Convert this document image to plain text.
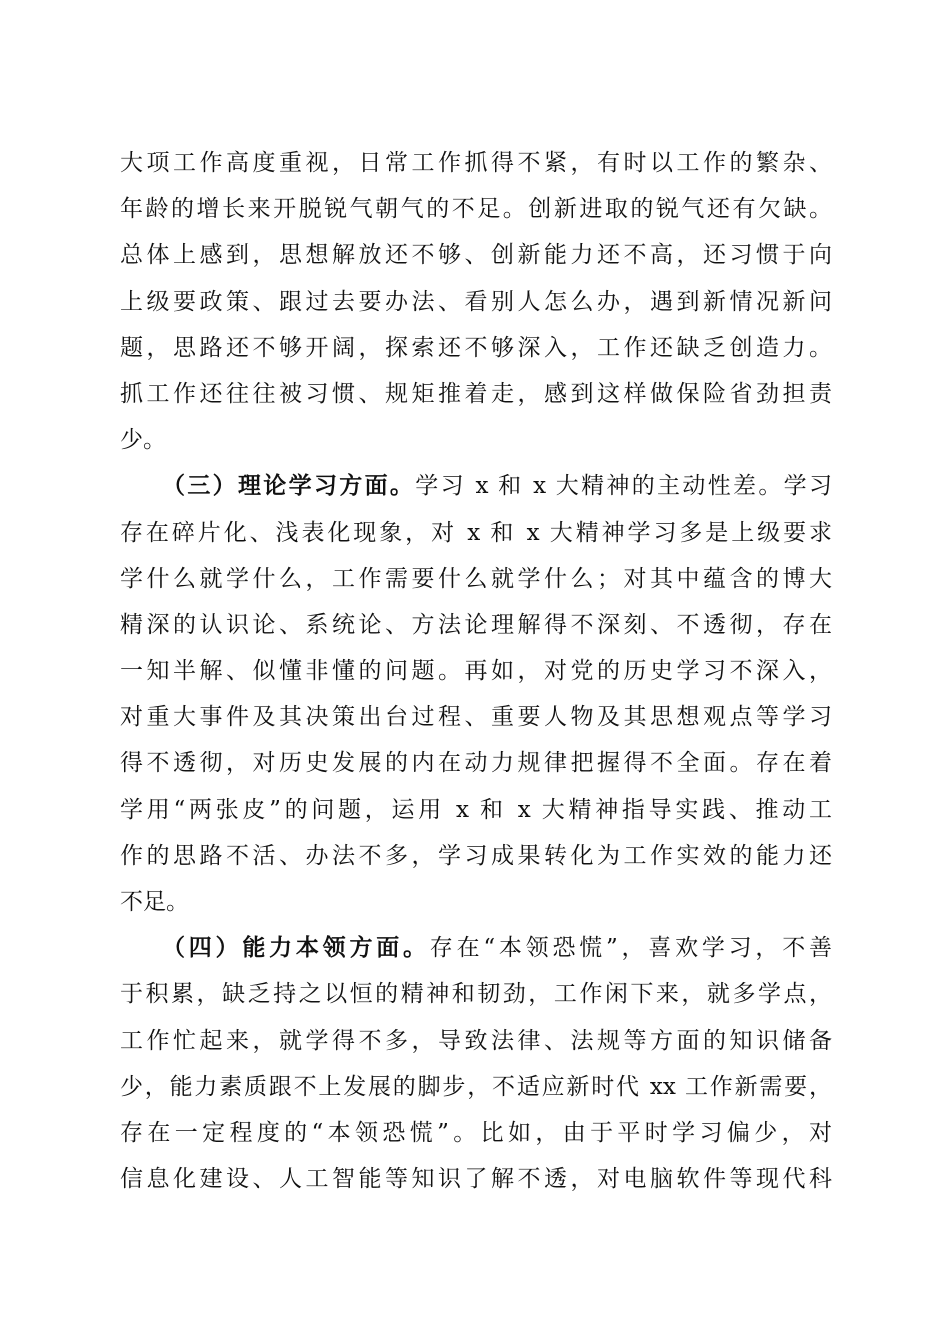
大项工作高度重视，日常工作抓得不紧，有时以工作的繁杂、
年龄的增长来开脱锐气朝气的不足。创新进取的锐气还有欠缺。
总体上感到，思想解放还不够、创新能力还不高，还习惯于向
上级要政策、跟过去要办法、看别人怎么办，遇到新情况新问
题，思路还不够开阔，探索还不够深入，工作还缺乏创造力。
抓工作还往往被习惯、规矩推着走，感到这样做保险省劲担责
少。
（三）理论学习方面。学习 x 和 x 大精神的主动性差。学习
存在碎片化、浅表化现象，对 x 和 x 大精神学习多是上级要求
学什么就学什么，工作需要什么就学什么；对其中蕴含的博大
精深的认识论、系统论、方法论理解得不深刻、不透彻，存在
一知半解、似懂非懂的问题。再如，对党的历史学习不深入，
对重大事件及其决策出台过程、重要人物及其思想观点等学习
得不透彻，对历史发展的内在动力规律把握得不全面。存在着
学用“两张皮”的问题，运用 x 和 x 大精神指导实践、推动工
作的思路不活、办法不多，学习成果转化为工作实效的能力还
不足。
（四）能力本领方面。存在“本领恐慌”，喜欢学习，不善
于积累，缺乏持之以恒的精神和韧劲，工作闲下来，就多学点，
工作忙起来，就学得不多，导致法律、法规等方面的知识储备
少，能力素质跟不上发展的脚步，不适应新时代 xx 工作新需要，
存在一定程度的“本领恐慌”。比如，由于平时学习偏少，对
信息化建设、人工智能等知识了解不透，对电脑软件等现代科
